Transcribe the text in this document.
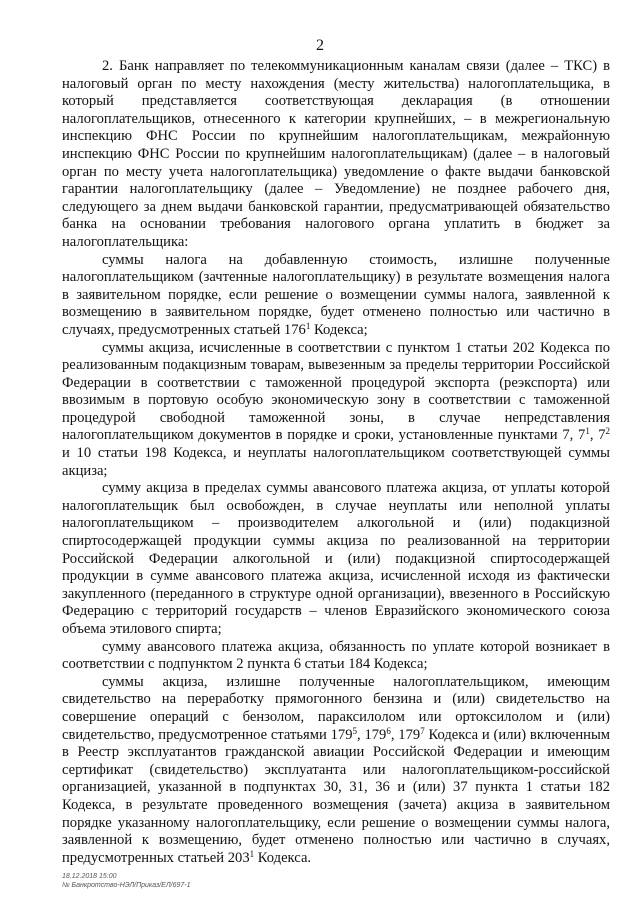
2

2. Банк направляет по телекоммуникационным каналам связи (далее – ТКС) в налоговый орган по месту нахождения (месту жительства) налогоплательщика, в который представляется соответствующая декларация (в отношении налогоплательщиков, отнесенного к категории крупнейших, – в межрегиональную инспекцию ФНС России по крупнейшим налогоплательщикам, межрайонную инспекцию ФНС России по крупнейшим налогоплательщикам) (далее – в налоговый орган по месту учета налогоплательщика) уведомление о факте выдачи банковской гарантии налогоплательщику (далее – Уведомление) не позднее рабочего дня, следующего за днем выдачи банковской гарантии, предусматривающей обязательство банка на основании требования налогового органа уплатить в бюджет за налогоплательщика:

суммы налога на добавленную стоимость, излишне полученные налогоплательщиком (зачтенные налогоплательщику) в результате возмещения налога в заявительном порядке, если решение о возмещении суммы налога, заявленной к возмещению в заявительном порядке, будет отменено полностью или частично в случаях, предусмотренных статьей $176^1$ Кодекса;

суммы акциза, исчисленные в соответствии с пунктом 1 статьи 202 Кодекса по реализованным подакцизным товарам, вывезенным за пределы территории Российской Федерации в соответствии с таможенной процедурой экспорта (реэкспорта) или ввозимым в портовую особую экономическую зону в соответствии с таможенной процедурой свободной таможенной зоны, в случае непредставления налогоплательщиком документов в порядке и сроки, установленные пунктами 7, $7^1$, $7^2$ и 10 статьи 198 Кодекса, и неуплаты налогоплательщиком соответствующей суммы акциза;

сумму акциза в пределах суммы авансового платежа акциза, от уплаты которой налогоплательщик был освобожден, в случае неуплаты или неполной уплаты налогоплательщиком – производителем алкогольной и (или) подакцизной спиртосодержащей продукции суммы акциза по реализованной на территории Российской Федерации алкогольной и (или) подакцизной спиртосодержащей продукции в сумме авансового платежа акциза, исчисленной исходя из фактически закупленного (переданного в структуре одной организации), ввезенного в Российскую Федерацию с территорий государств – членов Евразийского экономического союза объема этилового спирта;

сумму авансового платежа акциза, обязанность по уплате которой возникает в соответствии с подпунктом 2 пункта 6 статьи 184 Кодекса;

суммы акциза, излишне полученные налогоплательщиком, имеющим свидетельство на переработку прямогонного бензина и (или) свидетельство на совершение операций с бензолом, параксилолом или ортоксилолом и (или) свидетельство, предусмотренное статьями $179^5$, $179^6$, $179^7$ Кодекса и (или) включенным в Реестр эксплуатантов гражданской авиации Российской Федерации и имеющим сертификат (свидетельство) эксплуатанта или налогоплательщиком-российской организацией, указанной в подпунктах 30, 31, 36 и (или) 37 пункта 1 статьи 182 Кодекса, в результате проведенного возмещения (зачета) акциза в заявительном порядке указанному налогоплательщику, если решение о возмещении суммы налога, заявленной к возмещению, будет отменено полностью или частично в случаях, предусмотренных статьей $203^1$ Кодекса.

18.12.2018 15:00
№ Банкротство-НЭЛ/Приказ/ЕЛ/697-1
